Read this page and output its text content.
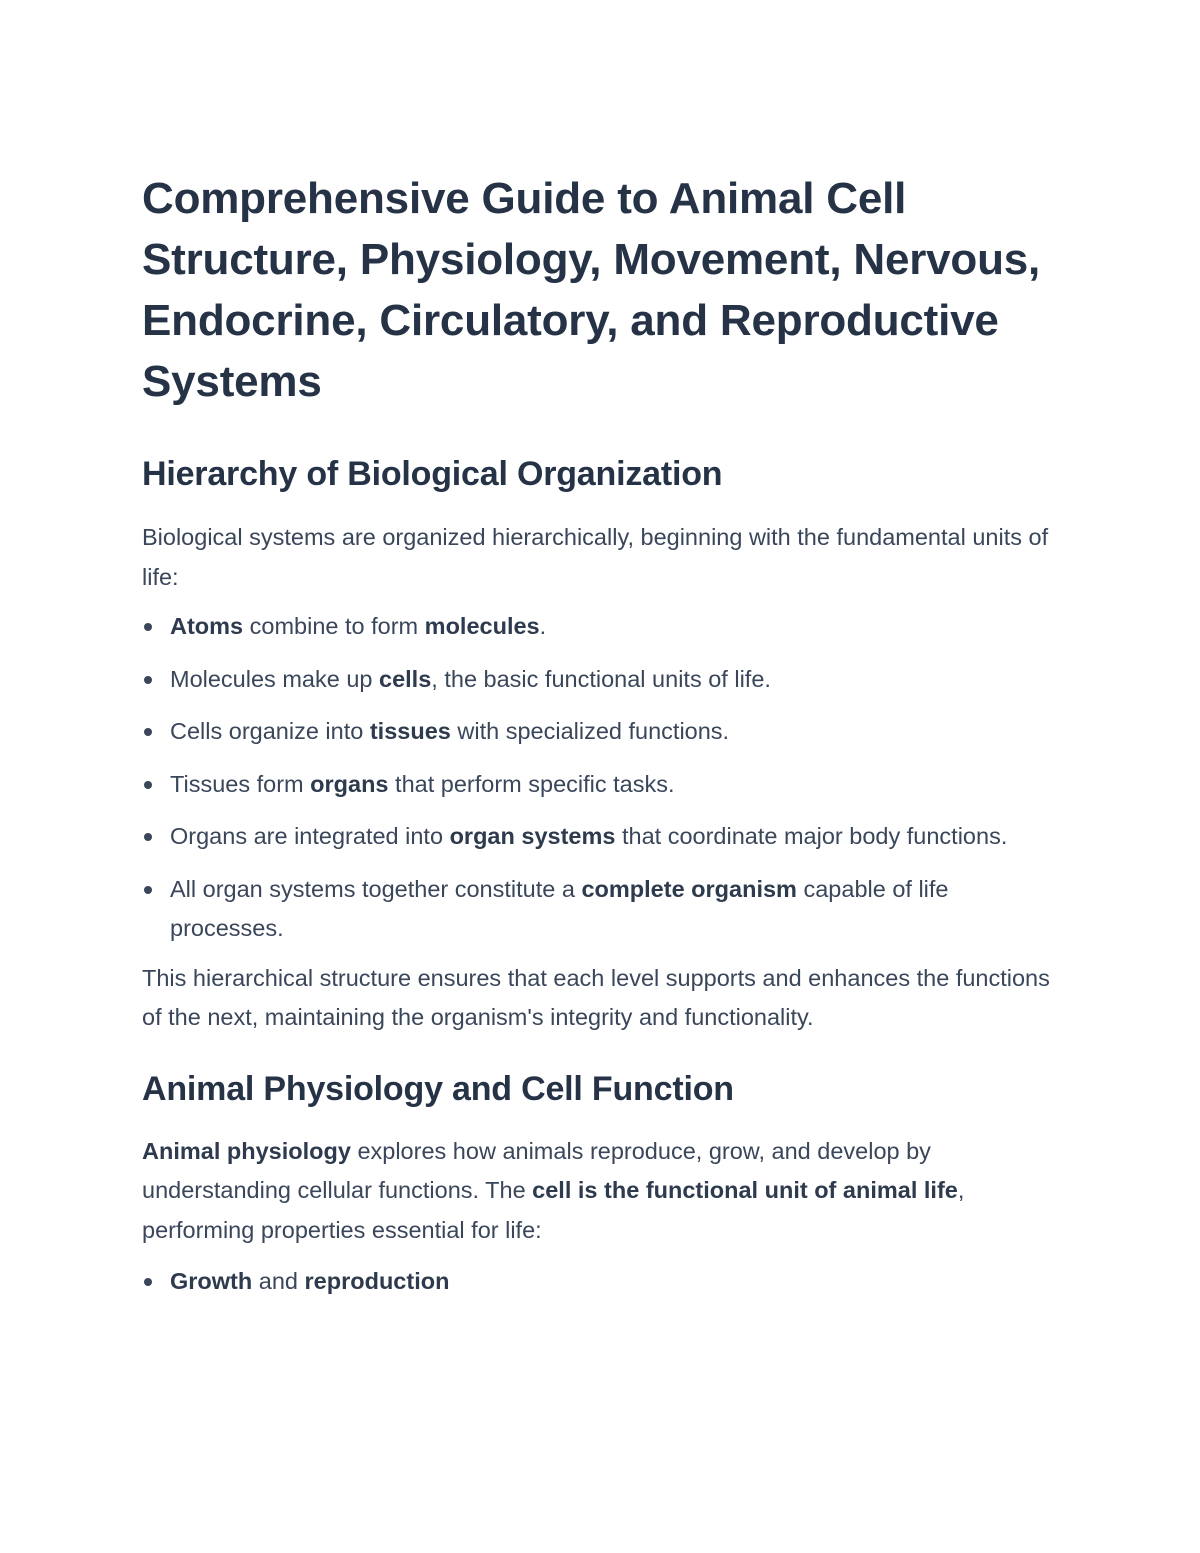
Comprehensive Guide to Animal Cell Structure, Physiology, Movement, Nervous, Endocrine, Circulatory, and Reproductive Systems
Hierarchy of Biological Organization

Biological systems are organized hierarchically, beginning with the fundamental units of life:

Atoms combine to form molecules.
Molecules make up cells, the basic functional units of life.
Cells organize into tissues with specialized functions.
Tissues form organs that perform specific tasks.
Organs are integrated into organ systems that coordinate major body functions.
All organ systems together constitute a complete organism capable of life processes.

This hierarchical structure ensures that each level supports and enhances the functions of the next, maintaining the organism's integrity and functionality.

Animal Physiology and Cell Function

Animal physiology explores how animals reproduce, grow, and develop by understanding cellular functions. The cell is the functional unit of animal life, performing properties essential for life:

Growth and reproduction
